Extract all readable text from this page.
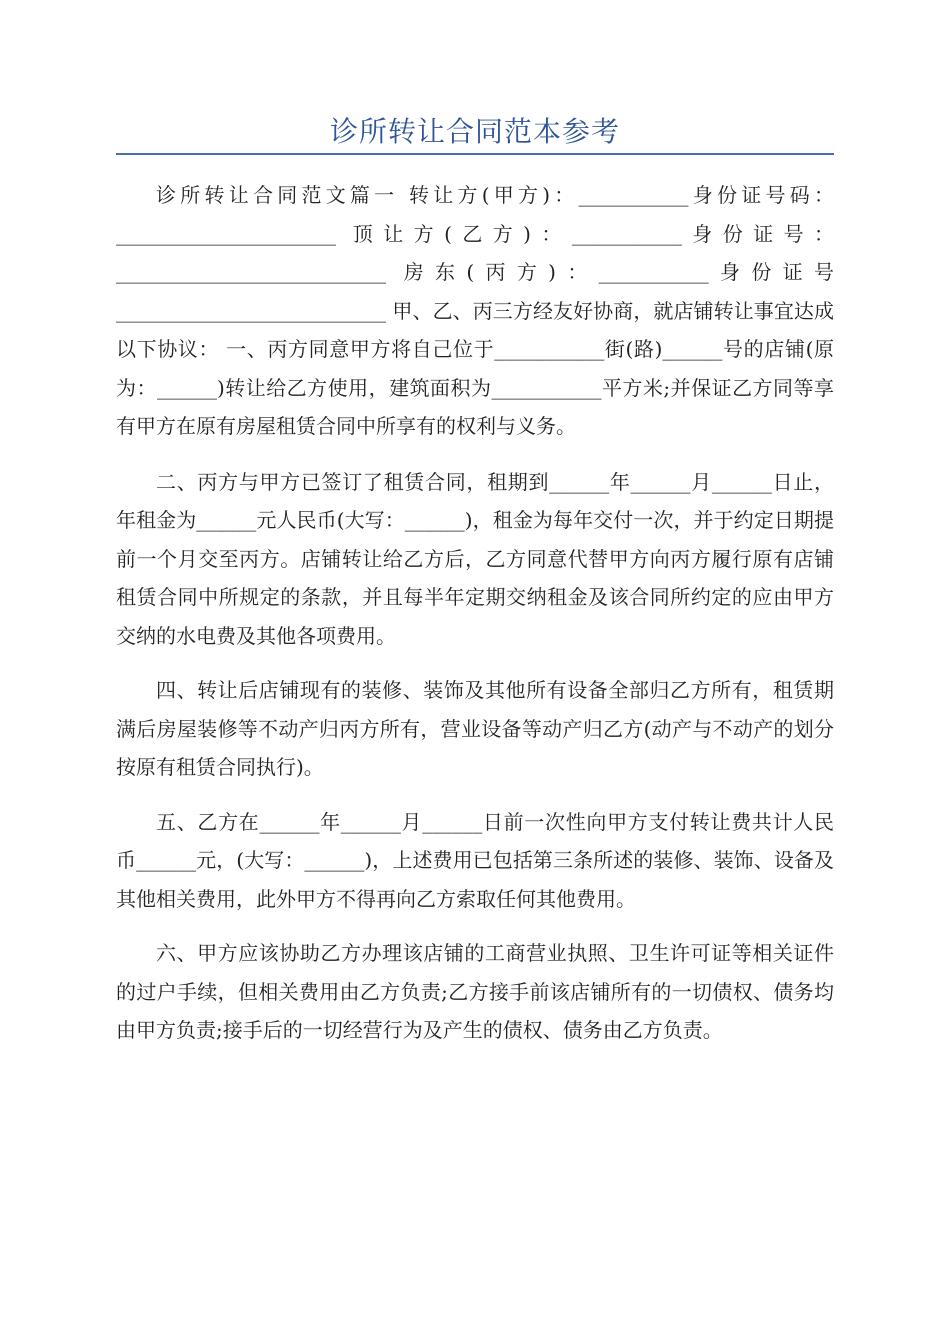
诊所转让合同范本参考

诊所转让合同范文篇一 转让方(甲方)：___________身份证号码：______________________ 顶让方(乙方)：___________身份证号：___________________________ 房东(丙方)：___________身份证号___________________________ 甲、乙、丙三方经友好协商，就店铺转让事宜达成以下协议： 一、丙方同意甲方将自己位于___________街(路)______号的店铺(原为：______)转让给乙方使用，建筑面积为___________平方米;并保证乙方同等享有甲方在原有房屋租赁合同中所享有的权利与义务。

二、丙方与甲方已签订了租赁合同，租期到______年______月______日止，年租金为______元人民币(大写：______)，租金为每年交付一次，并于约定日期提前一个月交至丙方。店铺转让给乙方后，乙方同意代替甲方向丙方履行原有店铺租赁合同中所规定的条款，并且每半年定期交纳租金及该合同所约定的应由甲方交纳的水电费及其他各项费用。

四、转让后店铺现有的装修、装饰及其他所有设备全部归乙方所有，租赁期满后房屋装修等不动产归丙方所有，营业设备等动产归乙方(动产与不动产的划分按原有租赁合同执行)。

五、乙方在______年______月______日前一次性向甲方支付转让费共计人民币______元，(大写：______)，上述费用已包括第三条所述的装修、装饰、设备及其他相关费用，此外甲方不得再向乙方索取任何其他费用。

六、甲方应该协助乙方办理该店铺的工商营业执照、卫生许可证等相关证件的过户手续，但相关费用由乙方负责;乙方接手前该店铺所有的一切债权、债务均由甲方负责;接手后的一切经营行为及产生的债权、债务由乙方负责。
